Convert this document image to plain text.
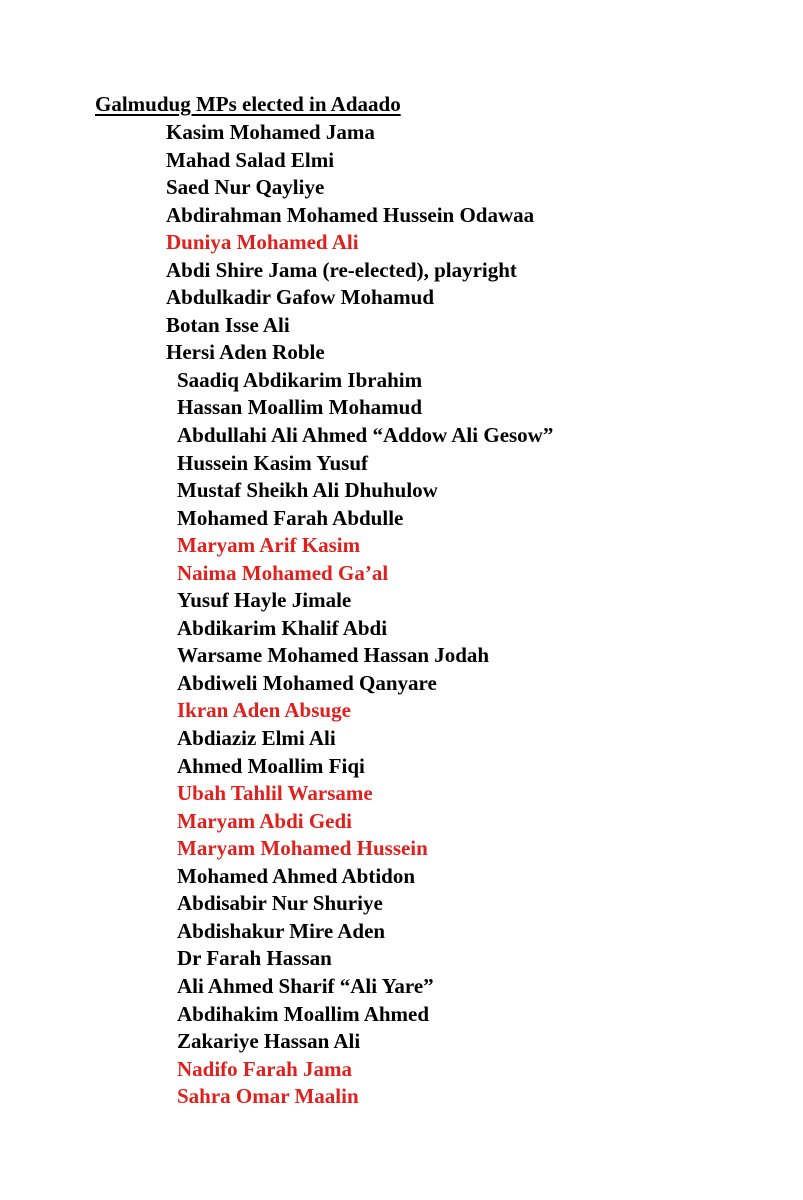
Galmudug MPs elected in Adaado
Kasim Mohamed Jama
Mahad Salad Elmi
Saed Nur Qayliye
Abdirahman Mohamed Hussein Odawaa
Duniya Mohamed Ali
Abdi Shire Jama (re-elected), playright
Abdulkadir Gafow Mohamud
Botan Isse Ali
Hersi Aden Roble
Saadiq Abdikarim Ibrahim
Hassan Moallim Mohamud
Abdullahi Ali Ahmed “Addow Ali Gesow”
Hussein Kasim Yusuf
Mustaf Sheikh Ali Dhuhulow
Mohamed Farah Abdulle
Maryam Arif Kasim
Naima Mohamed Ga’al
Yusuf Hayle Jimale
Abdikarim Khalif Abdi
Warsame Mohamed Hassan Jodah
Abdiweli Mohamed Qanyare
Ikran Aden Absuge
Abdiaziz Elmi Ali
Ahmed Moallim Fiqi
Ubah Tahlil Warsame
Maryam Abdi Gedi
Maryam Mohamed Hussein
Mohamed Ahmed Abtidon
Abdisabir Nur Shuriye
Abdishakur Mire Aden
Dr Farah Hassan
Ali Ahmed Sharif “Ali Yare”
Abdihakim Moallim Ahmed
Zakariye Hassan Ali
Nadifo Farah Jama
Sahra Omar Maalin
